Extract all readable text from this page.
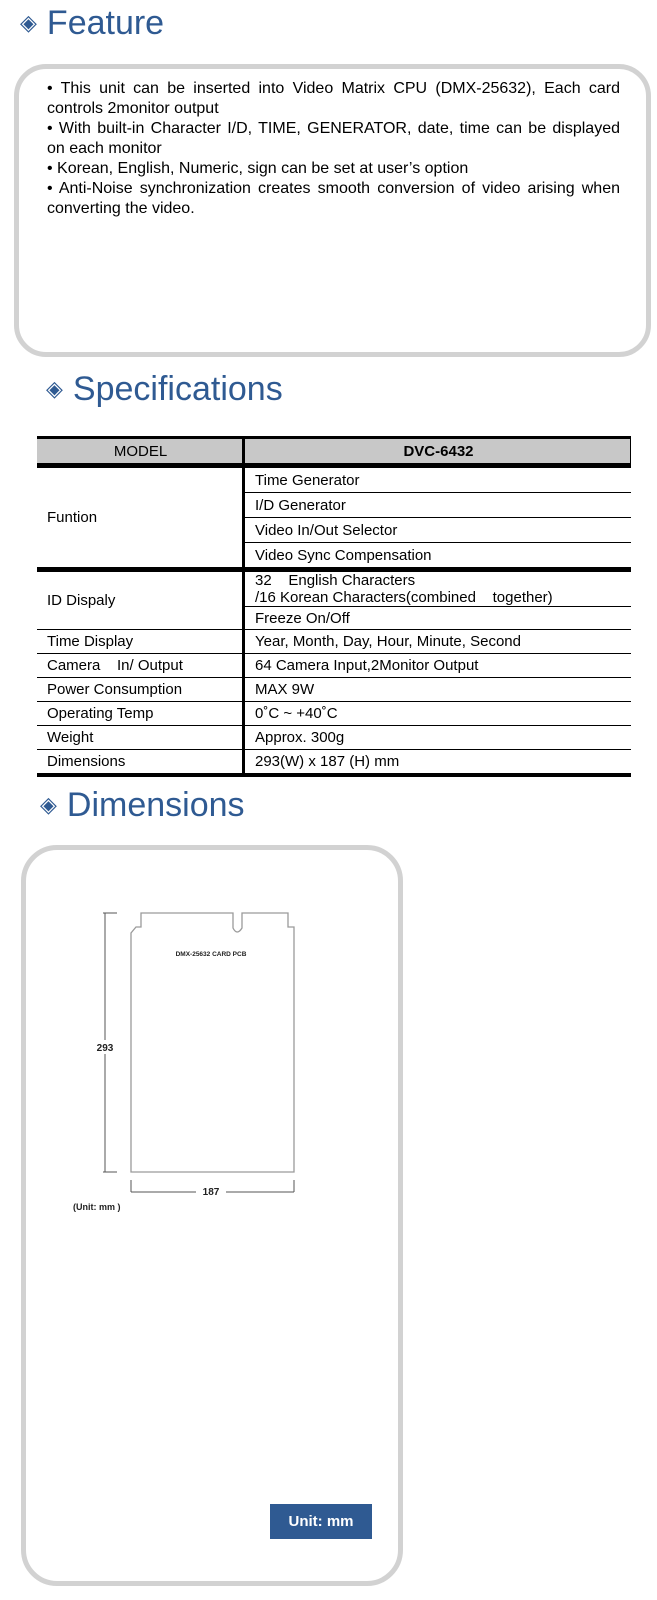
◈ Feature

• This unit can be inserted into Video Matrix CPU (DMX-25632), Each card controls 2monitor output

• With built-in Character I/D, TIME, GENERATOR, date, time can be displayed on each monitor

• Korean, English, Numeric, sign can be set at user’s option

• Anti-Noise synchronization creates smooth conversion of video arising when converting the video.

◈ Specifications
MODEL	DVC-6432
Funtion	Time Generator
	I/D Generator
	Video In/Out Selector
	Video Sync Compensation
ID Dispaly	32    English Characters
/16 Korean Characters(combined    together)

	Freeze On/Off
Time Display	Year, Month, Day, Hour, Minute, Second
Camera    In/ Output	64 Camera Input,2Monitor Output
Power Consumption	MAX 9W
Operating Temp	0˚C ~ +40˚C
Weight	Approx. 300g
Dimensions	293(W) x 187 (H) mm
◈ Dimensions
DMX-25632 CARD PCB
293
187
(Unit: mm )
Unit: mm
